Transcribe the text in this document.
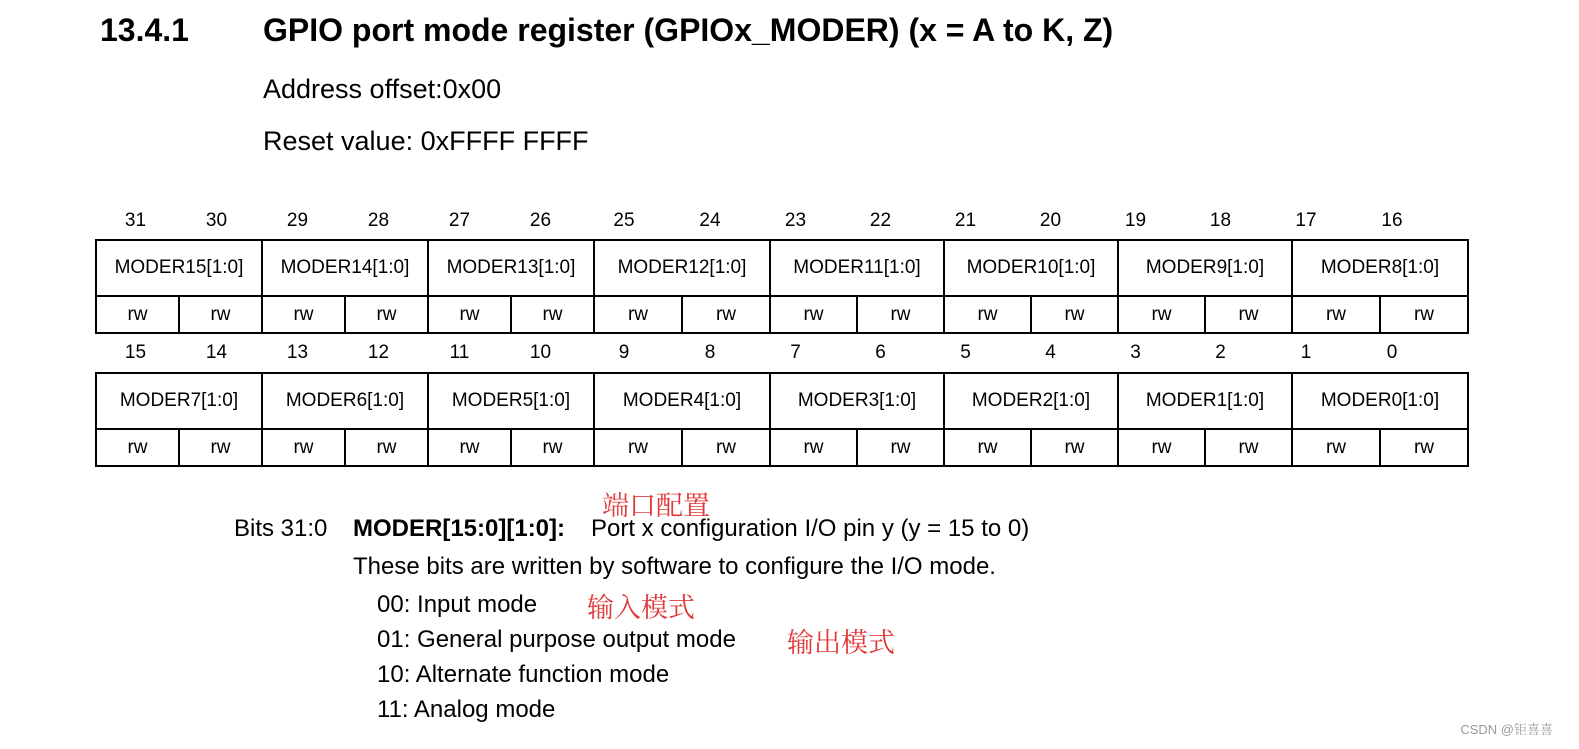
13.4.1 GPIO port mode register (GPIOx_MODER) (x = A to K, Z)
Address offset:0x00
Reset value: 0xFFFF FFFF
31	30	29	28	27	26	25	24	23	22	21	20	19	18	17	16
MODER15[1:0]		MODER14[1:0]		MODER13[1:0]		MODER12[1:0]		MODER11[1:0]		MODER10[1:0]		MODER9[1:0]		MODER8[1:0]	
rw	rw	rw	rw	rw	rw	rw	rw	rw	rw	rw	rw	rw	rw	rw	rw
15	14	13	12	11	10	9	8	7	6	5	4	3	2	1	0
MODER7[1:0]		MODER6[1:0]		MODER5[1:0]		MODER4[1:0]		MODER3[1:0]		MODER2[1:0]		MODER1[1:0]		MODER0[1:0]	
rw	rw	rw	rw	rw	rw	rw	rw	rw	rw	rw	rw	rw	rw	rw	rw
端口配置
Bits 31:0 MODER[15:0][1:0]: Port x configuration I/O pin y (y = 15 to 0)
These bits are written by software to configure the I/O mode.
00: Input mode
01: General purpose output mode
10: Alternate function mode
11: Analog mode
输入模式
输出模式
CSDN @钜喜喜
